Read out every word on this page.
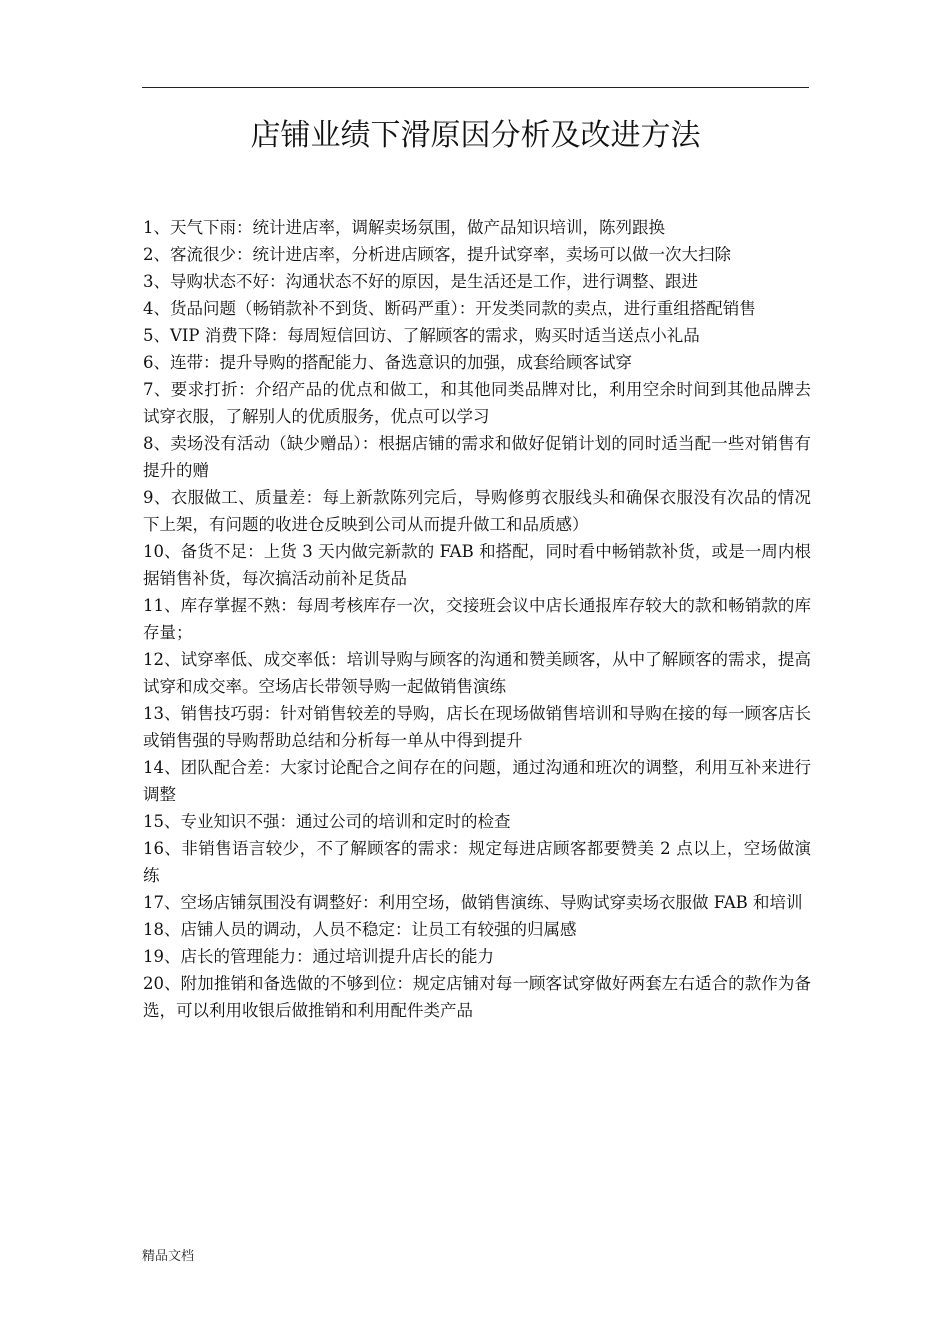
店铺业绩下滑原因分析及改进方法
1、天气下雨：统计进店率，调解卖场氛围，做产品知识培训，陈列跟换
2、客流很少：统计进店率，分析进店顾客，提升试穿率，卖场可以做一次大扫除
3、导购状态不好：沟通状态不好的原因，是生活还是工作，进行调整、跟进
4、货品问题（畅销款补不到货、断码严重）：开发类同款的卖点，进行重组搭配销售
5、VIP 消费下降：每周短信回访、了解顾客的需求，购买时适当送点小礼品
6、连带：提升导购的搭配能力、备选意识的加强，成套给顾客试穿
7、要求打折：介绍产品的优点和做工，和其他同类品牌对比，利用空余时间到其他品牌去试穿衣服，了解别人的优质服务，优点可以学习
8、卖场没有活动（缺少赠品）：根据店铺的需求和做好促销计划的同时适当配一些对销售有提升的赠
9、衣服做工、质量差：每上新款陈列完后，导购修剪衣服线头和确保衣服没有次品的情况下上架，有问题的收进仓反映到公司从而提升做工和品质感）
10、备货不足：上货 3 天内做完新款的 FAB 和搭配，同时看中畅销款补货，或是一周内根据销售补货，每次搞活动前补足货品
11、库存掌握不熟：每周考核库存一次，交接班会议中店长通报库存较大的款和畅销款的库存量；
12、试穿率低、成交率低：培训导购与顾客的沟通和赞美顾客，从中了解顾客的需求，提高试穿和成交率。空场店长带领导购一起做销售演练
13、销售技巧弱：针对销售较差的导购，店长在现场做销售培训和导购在接的每一顾客店长或销售强的导购帮助总结和分析每一单从中得到提升
14、团队配合差：大家讨论配合之间存在的问题，通过沟通和班次的调整，利用互补来进行调整
15、专业知识不强：通过公司的培训和定时的检查
16、非销售语言较少，不了解顾客的需求：规定每进店顾客都要赞美 2 点以上，空场做演练
17、空场店铺氛围没有调整好：利用空场，做销售演练、导购试穿卖场衣服做 FAB 和培训
18、店铺人员的调动，人员不稳定：让员工有较强的归属感
19、店长的管理能力：通过培训提升店长的能力
20、附加推销和备选做的不够到位：规定店铺对每一顾客试穿做好两套左右适合的款作为备选，可以利用收银后做推销和利用配件类产品
精品文档
